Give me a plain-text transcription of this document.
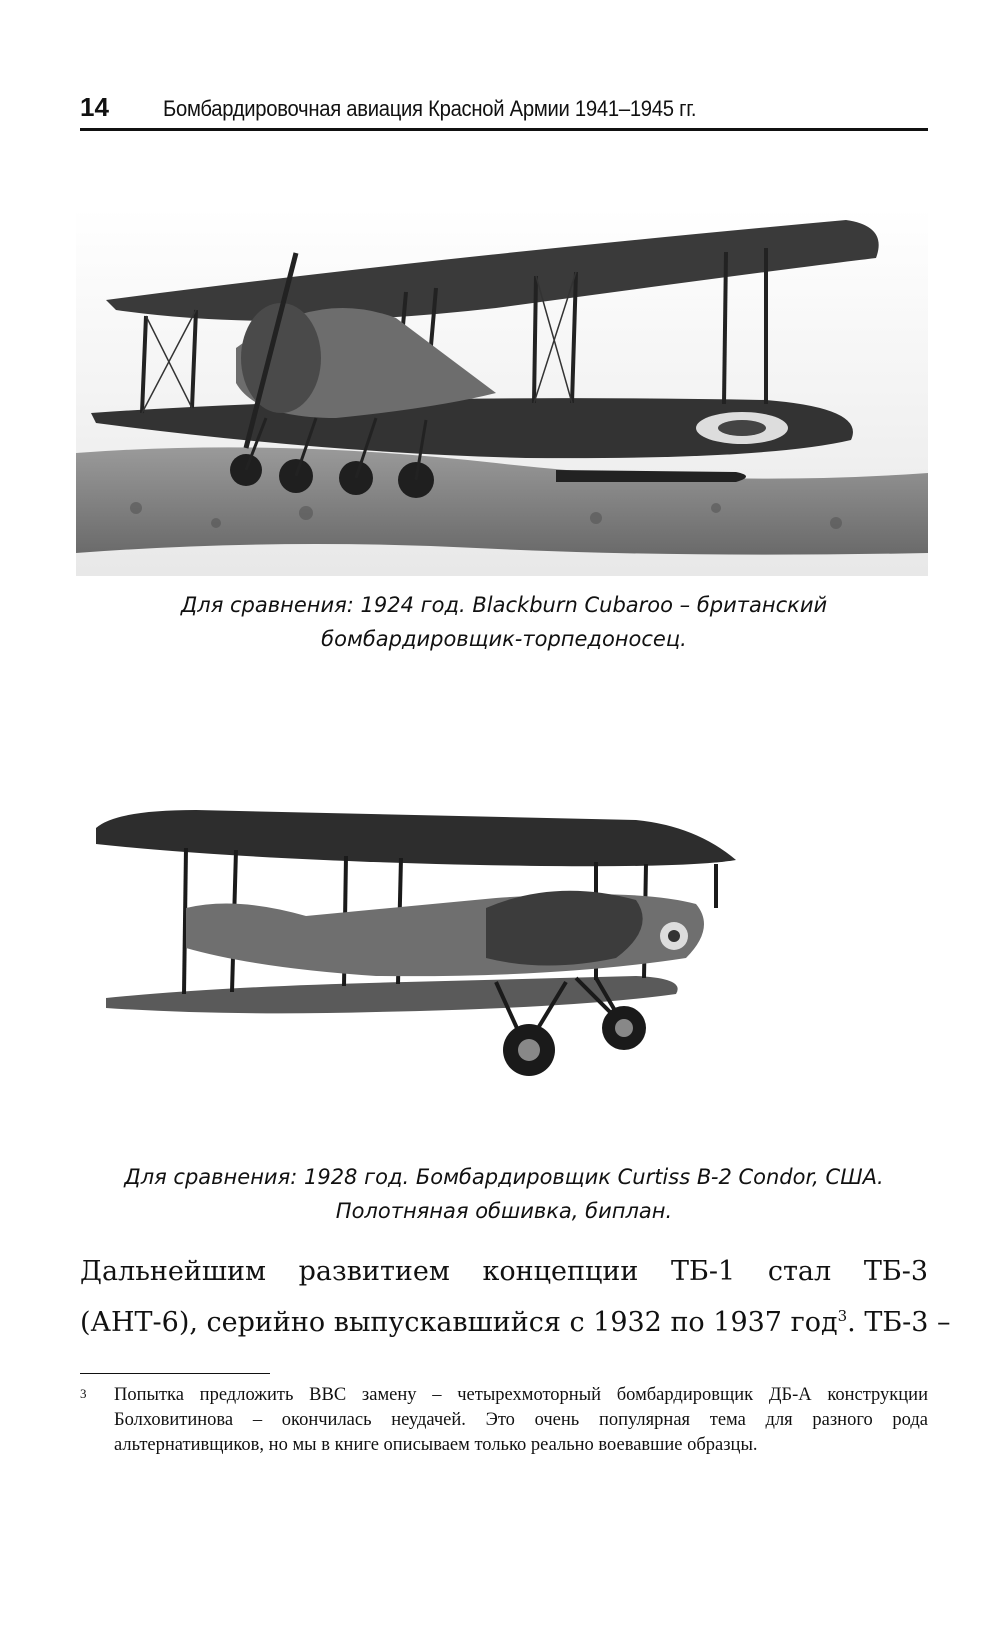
14 Бомбардировочная авиация Красной Армии 1941–1945 гг.
Для сравнения: 1924 год. Blackburn Cubaroo – британский
бомбардировщик-торпедоносец.
Для сравнения: 1928 год. Бомбардировщик Curtiss B-2 Condor, США.
Полотняная обшивка, биплан.
Дальнейшим развитием концепции ТБ-1 стал ТБ-3
(АНТ-6), серийно выпускавшийся с 1932 по 1937 год$^3$. ТБ-3 –
3 Попытка предложить ВВС замену – четырехмоторный бомбардировщик ДБ-А конструкции Болховитинова – окончилась неудачей. Это очень популярная тема для разного рода альтернативщиков, но мы в книге описываем только реально воевавшие образцы.
